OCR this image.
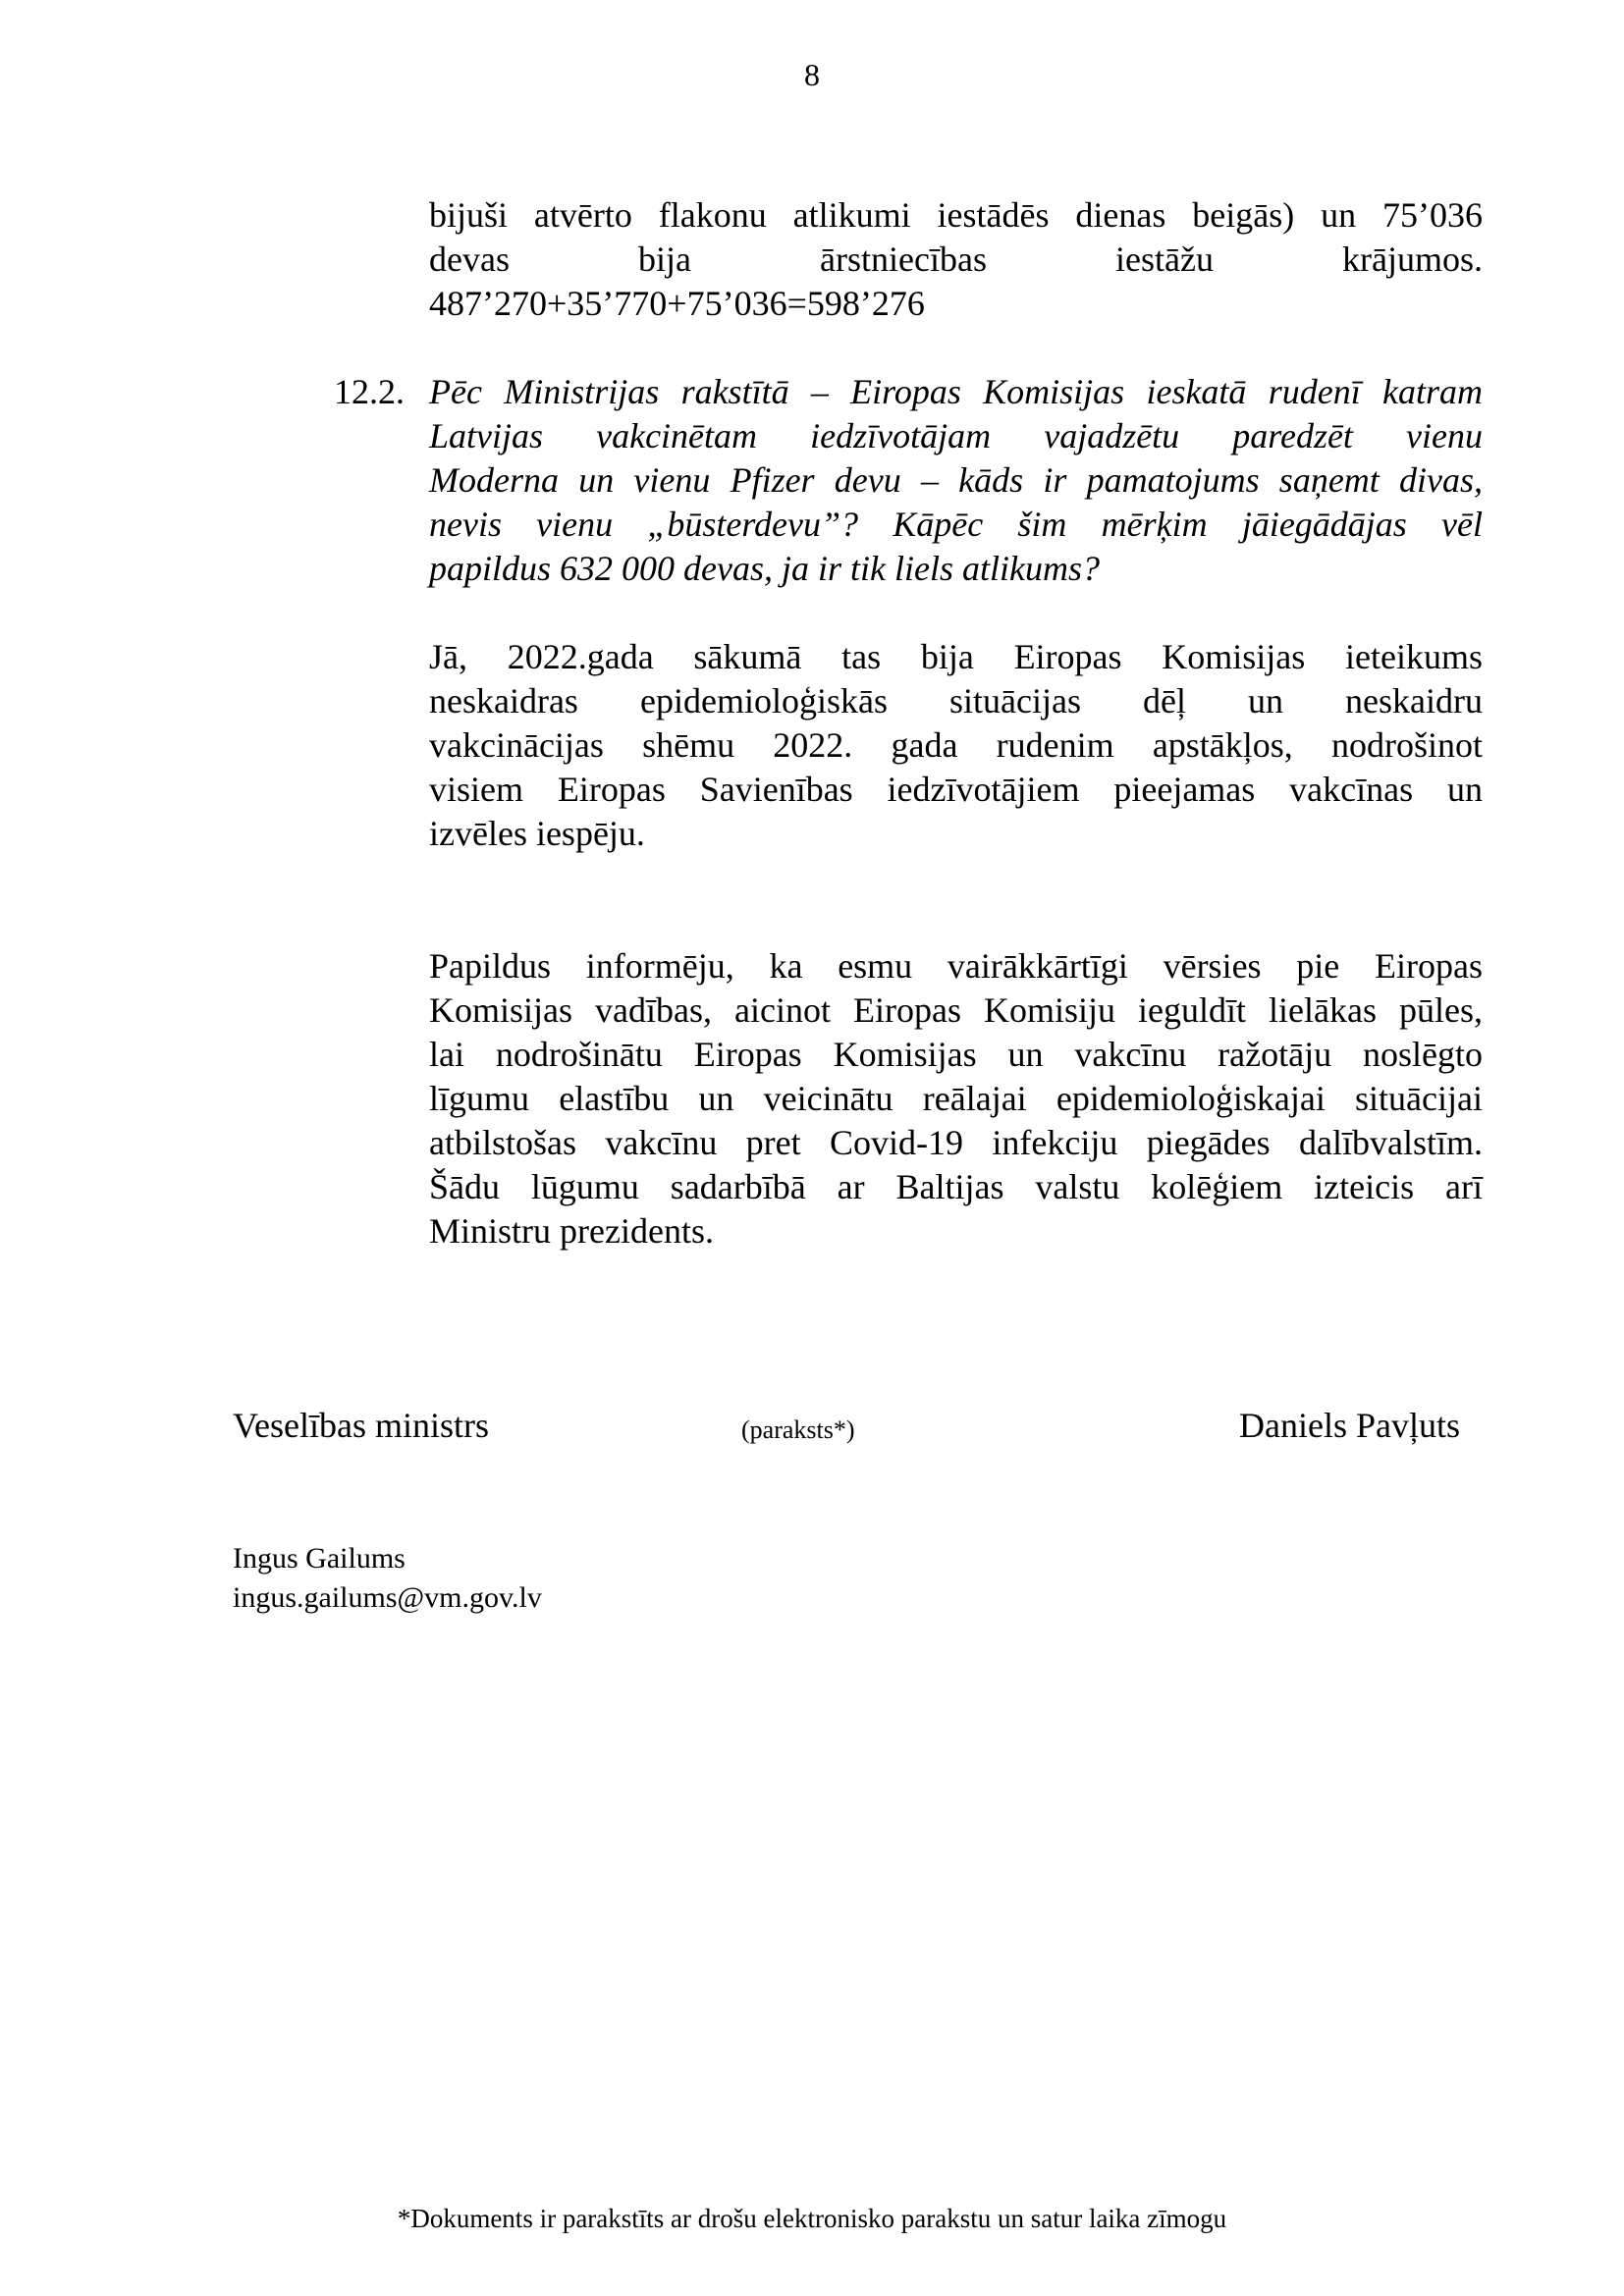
8
bijuši atvērto flakonu atlikumi iestādēs dienas beigās) un 75’036
devas bija ārstniecības iestāžu krājumos.
487’270+35’770+75’036=598’276
12.2. Pēc Ministrijas rakstītā – Eiropas Komisijas ieskatā rudenī katram
Latvijas vakcinētam iedzīvotājam vajadzētu paredzēt vienu
Moderna un vienu Pfizer devu – kāds ir pamatojums saņemt divas,
nevis vienu „būsterdevu”? Kāpēc šim mērķim jāiegādājas vēl
papildus 632 000 devas, ja ir tik liels atlikums?
Jā, 2022.gada sākumā tas bija Eiropas Komisijas ieteikums
neskaidras epidemioloģiskās situācijas dēļ un neskaidru
vakcinācijas shēmu 2022. gada rudenim apstākļos, nodrošinot
visiem Eiropas Savienības iedzīvotājiem pieejamas vakcīnas un
izvēles iespēju.
Papildus informēju, ka esmu vairākkārtīgi vērsies pie Eiropas
Komisijas vadības, aicinot Eiropas Komisiju ieguldīt lielākas pūles,
lai nodrošinātu Eiropas Komisijas un vakcīnu ražotāju noslēgto
līgumu elastību un veicinātu reālajai epidemioloģiskajai situācijai
atbilstošas vakcīnu pret Covid-19 infekciju piegādes dalībvalstīm.
Šādu lūgumu sadarbībā ar Baltijas valstu kolēģiem izteicis arī
Ministru prezidents.
Veselības ministrs	(paraksts*)	Daniels Pavļuts
Ingus Gailums
ingus.gailums@vm.gov.lv
*Dokuments ir parakstīts ar drošu elektronisko parakstu un satur laika zīmogu
